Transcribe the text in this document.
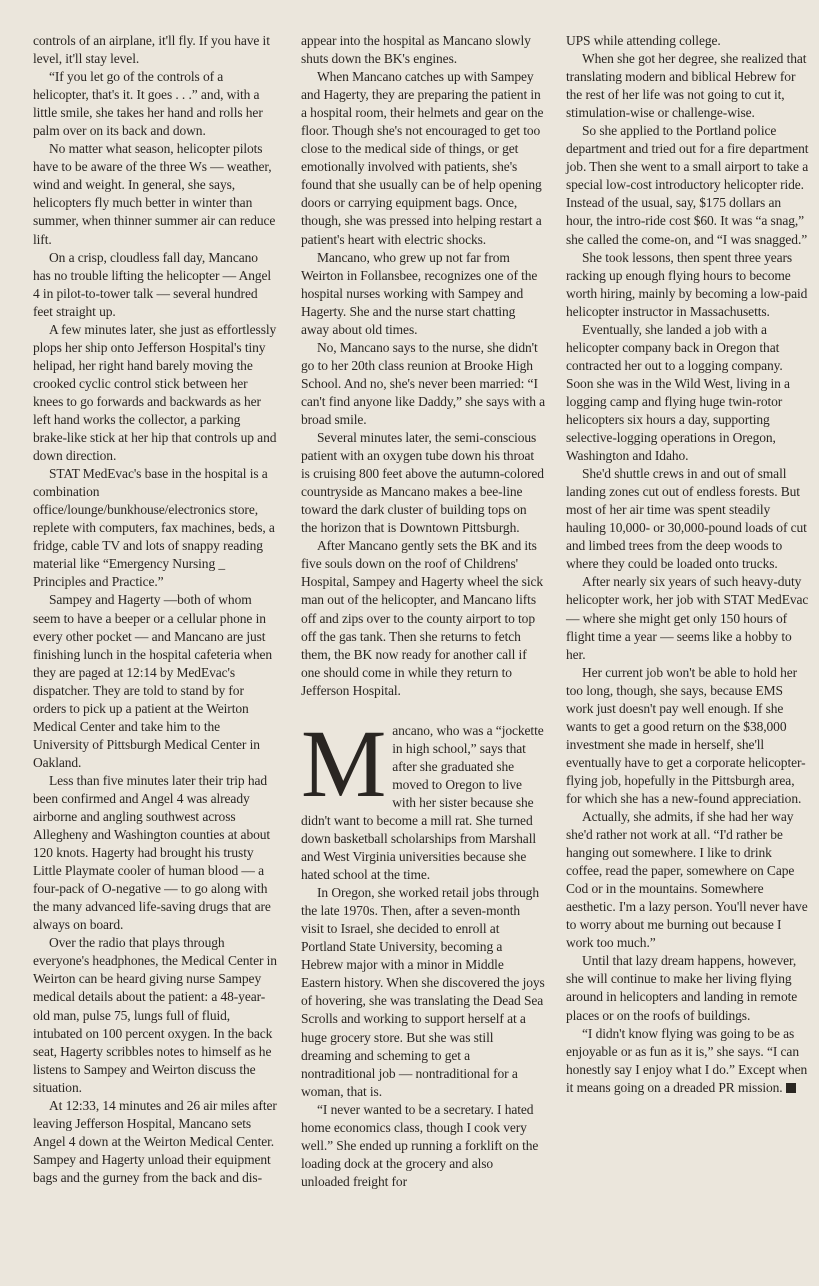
controls of an airplane, it'll fly. If you have it level, it'll stay level.

“If you let go of the controls of a helicopter, that's it. It goes . . .” and, with a little smile, she takes her hand and rolls her palm over on its back and down.

No matter what season, helicopter pilots have to be aware of the three Ws — weather, wind and weight. In general, she says, helicopters fly much better in winter than summer, when thinner summer air can reduce lift.

On a crisp, cloudless fall day, Mancano has no trouble lifting the helicopter — Angel 4 in pilot-to-tower talk — several hundred feet straight up.

A few minutes later, she just as effortlessly plops her ship onto Jefferson Hospital's tiny helipad, her right hand barely moving the crooked cyclic control stick between her knees to go forwards and backwards as her left hand works the collector, a parking brake-like stick at her hip that controls up and down direction.

STAT MedEvac's base in the hospital is a combination office/lounge/bunkhouse/electronics store, replete with computers, fax machines, beds, a fridge, cable TV and lots of snappy reading material like “Emergency Nursing _ Principles and Practice.”

Sampey and Hagerty —both of whom seem to have a beeper or a cellular phone in every other pocket — and Mancano are just finishing lunch in the hospital cafeteria when they are paged at 12:14 by MedEvac's dispatcher. They are told to stand by for orders to pick up a patient at the Weirton Medical Center and take him to the University of Pittsburgh Medical Center in Oakland.

Less than five minutes later their trip had been confirmed and Angel 4 was already airborne and angling southwest across Allegheny and Washington counties at about 120 knots. Hagerty had brought his trusty Little Playmate cooler of human blood — a four-pack of O-negative — to go along with the many advanced life-saving drugs that are always on board.

Over the radio that plays through everyone's headphones, the Medical Center in Weirton can be heard giving nurse Sampey medical details about the patient: a 48-year-old man, pulse 75, lungs full of fluid, intubated on 100 percent oxygen. In the back seat, Hagerty scribbles notes to himself as he listens to Sampey and Weirton discuss the situation.

At 12:33, 14 minutes and 26 air miles after leaving Jefferson Hospital, Mancano sets Angel 4 down at the Weirton Medical Center. Sampey and Hagerty unload their equipment bags and the gurney from the back and dis-

appear into the hospital as Mancano slowly shuts down the BK's engines.

When Mancano catches up with Sampey and Hagerty, they are preparing the patient in a hospital room, their helmets and gear on the floor. Though she's not encouraged to get too close to the medical side of things, or get emotionally involved with patients, she's found that she usually can be of help opening doors or carrying equipment bags. Once, though, she was pressed into helping restart a patient's heart with electric shocks.

Mancano, who grew up not far from Weirton in Follansbee, recognizes one of the hospital nurses working with Sampey and Hagerty. She and the nurse start chatting away about old times.

No, Mancano says to the nurse, she didn't go to her 20th class reunion at Brooke High School. And no, she's never been married: “I can't find anyone like Daddy,” she says with a broad smile.

Several minutes later, the semi-conscious patient with an oxygen tube down his throat is cruising 800 feet above the autumn-colored countryside as Mancano makes a bee-line toward the dark cluster of building tops on the horizon that is Downtown Pittsburgh.

After Mancano gently sets the BK and its five souls down on the roof of Childrens' Hospital, Sampey and Hagerty wheel the sick man out of the helicopter, and Mancano lifts off and zips over to the county airport to top off the gas tank. Then she returns to fetch them, the BK now ready for another call if one should come in while they return to Jefferson Hospital.

Mancano, who was a “jockette in high school,” says that after she graduated she moved to Oregon to live with her sister because she didn't want to become a mill rat. She turned down basketball scholarships from Marshall and West Virginia universities because she hated school at the time.

In Oregon, she worked retail jobs through the late 1970s. Then, after a seven-month visit to Israel, she decided to enroll at Portland State University, becoming a Hebrew major with a minor in Middle Eastern history. When she discovered the joys of hovering, she was translating the Dead Sea Scrolls and working to support herself at a huge grocery store. But she was still dreaming and scheming to get a nontraditional job — nontraditional for a woman, that is.

“I never wanted to be a secretary. I hated home economics class, though I cook very well.” She ended up running a forklift on the loading dock at the grocery and also unloaded freight for

UPS while attending college.

When she got her degree, she realized that translating modern and biblical Hebrew for the rest of her life was not going to cut it, stimulation-wise or challenge-wise.

So she applied to the Portland police department and tried out for a fire department job. Then she went to a small airport to take a special low-cost introductory helicopter ride. Instead of the usual, say, $175 dollars an hour, the intro-ride cost $60. It was “a snag,” she called the come-on, and “I was snagged.”

She took lessons, then spent three years racking up enough flying hours to become worth hiring, mainly by becoming a low-paid helicopter instructor in Massachusetts.

Eventually, she landed a job with a helicopter company back in Oregon that contracted her out to a logging company. Soon she was in the Wild West, living in a logging camp and flying huge twin-rotor helicopters six hours a day, supporting selective-logging operations in Oregon, Washington and Idaho.

She'd shuttle crews in and out of small landing zones cut out of endless forests. But most of her air time was spent steadily hauling 10,000- or 30,000-pound loads of cut and limbed trees from the deep woods to where they could be loaded onto trucks.

After nearly six years of such heavy-duty helicopter work, her job with STAT MedEvac — where she might get only 150 hours of flight time a year — seems like a hobby to her.

Her current job won't be able to hold her too long, though, she says, because EMS work just doesn't pay well enough. If she wants to get a good return on the $38,000 investment she made in herself, she'll eventually have to get a corporate helicopter-flying job, hopefully in the Pittsburgh area, for which she has a new-found appreciation.

Actually, she admits, if she had her way she'd rather not work at all. “I'd rather be hanging out somewhere. I like to drink coffee, read the paper, somewhere on Cape Cod or in the mountains. Somewhere aesthetic. I'm a lazy person. You'll never have to worry about me burning out because I work too much.”

Until that lazy dream happens, however, she will continue to make her living flying around in helicopters and landing in remote places or on the roofs of buildings.

“I didn't know flying was going to be as enjoyable or as fun as it is,” she says. “I can honestly say I enjoy what I do.” Except when it means going on a dreaded PR mission.
